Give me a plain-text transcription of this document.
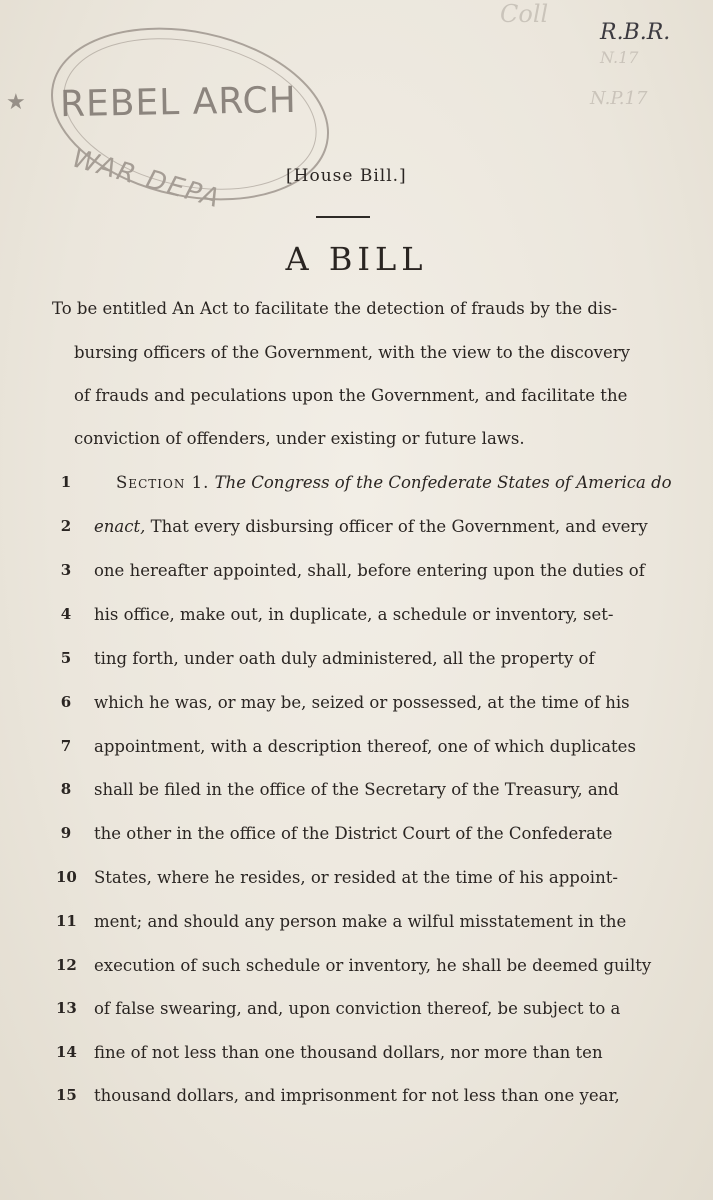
★ REBEL ARCH
WAR DEPA
Coll
R.B.R.
N.17
N.P.17
[House Bill.]
A BILL
To be entitled An Act to facilitate the detection of frauds by the dis-
bursing officers of the Government, with the view to the discovery
of frauds and peculations upon the Government, and facilitate the
conviction of offenders, under existing or future laws.
1	Section 1. The Congress of the Confederate States of America do
2 enact, That every disbursing officer of the Government, and every
3 one hereafter appointed, shall, before entering upon the duties of
4 his office, make out, in duplicate, a schedule or inventory, set-
5 ting forth, under oath duly administered, all the property of
6 which he was, or may be, seized or possessed, at the time of his
7 appointment, with a description thereof, one of which duplicates
8 shall be filed in the office of the Secretary of the Treasury, and
9 the other in the office of the District Court of the Confederate
10 States, where he resides, or resided at the time of his appoint-
11 ment; and should any person make a wilful misstatement in the
12 execution of such schedule or inventory, he shall be deemed guilty
13 of false swearing, and, upon conviction thereof, be subject to a
14 fine of not less than one thousand dollars, nor more than ten
15 thousand dollars, and imprisonment for not less than one year,
